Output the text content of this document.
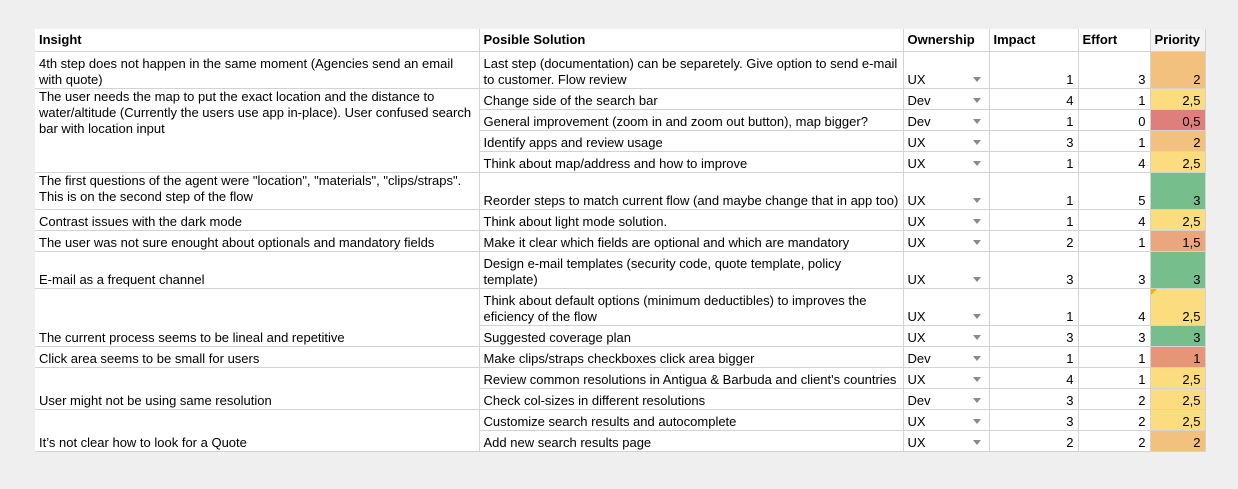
Insight	Posible Solution	Ownership	Impact	Effort	Priority
4th step does not happen in the same moment (Agencies send an email with quote)	Last step (documentation) can be separetely. Give option to send e-mail to customer. Flow review	UX	1	3	2
The user needs the map to put the exact location and the distance to water/altitude (Currently the users use app in-place). User confused search bar with location input	Change side of the search bar	Dev	4	1	2,5
	General improvement (zoom in and zoom out button), map bigger?	Dev	1	0	0,5
	Identify apps and review usage	UX	3	1	2
	Think about map/address and how to improve	UX	1	4	2,5
The first questions of the agent were "location", "materials", "clips/straps". This is on the second step of the flow	Reorder steps to match current flow (and maybe change that in app too)	UX	1	5	3
Contrast issues with the dark mode	Think about light mode solution.	UX	1	4	2,5
The user was not sure enought about optionals and mandatory fields	Make it clear which fields are optional and which are mandatory	UX	2	1	1,5
E-mail as a frequent channel	Design e-mail templates (security code, quote template, policy template)	UX	3	3	3
The current process seems to be lineal and repetitive	Think about default options (minimum deductibles) to improves the eficiency of the flow	UX	1	4	2,5
	Suggested coverage plan	UX	3	3	3
Click area seems to be small for users	Make clips/straps checkboxes click area bigger	Dev	1	1	1
User might not be using same resolution	Review common resolutions in Antigua & Barbuda and client's countries	UX	4	1	2,5
	Check col-sizes in different resolutions	Dev	3	2	2,5
It’s not clear how to look for a Quote	Customize search results and autocomplete	UX	3	2	2,5
	Add new search results page	UX	2	2	2
